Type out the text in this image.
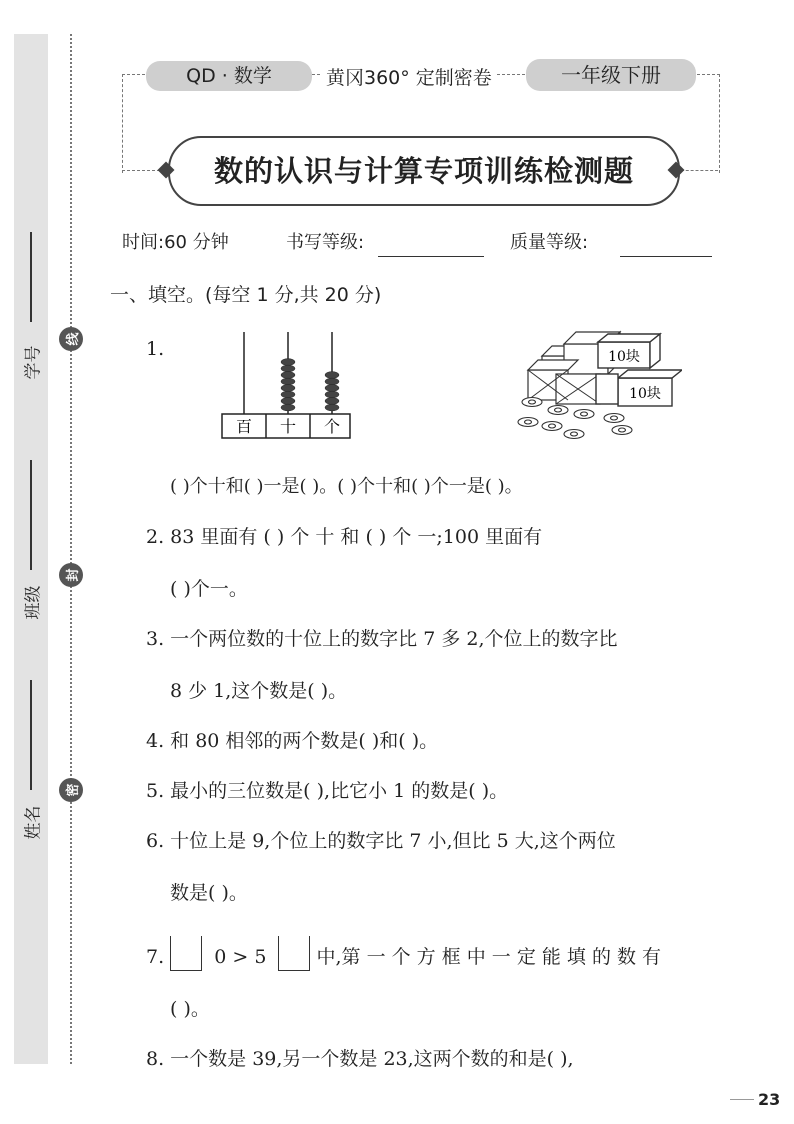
学号
班级
姓名
线
封
密
QD · 数学	黄冈360° 定制密卷	一年级下册
数的认识与计算专项训练检测题
时间:60 分钟	书写等级:	质量等级:
一、填空。(每空 1 分,共 20 分)
1.
百 十 个
10块
10块
( )个十和( )一是( )。( )个十和( )个一是( )。
2. 83 里面有 ( ) 个 十 和 ( ) 个 一;100 里面有
( )个一。
3. 一个两位数的十位上的数字比 7 多 2,个位上的数字比
8 少 1,这个数是( )。
4. 和 80 相邻的两个数是( )和( )。
5. 最小的三位数是( ),比它小 1 的数是( )。
6. 十位上是 9,个位上的数字比 7 小,但比 5 大,这个两位
数是( )。
7.	0 > 5	中,第 一 个 方 框 中 一 定 能 填 的 数 有
( )。
8. 一个数是 39,另一个数是 23,这两个数的和是( ),
23
